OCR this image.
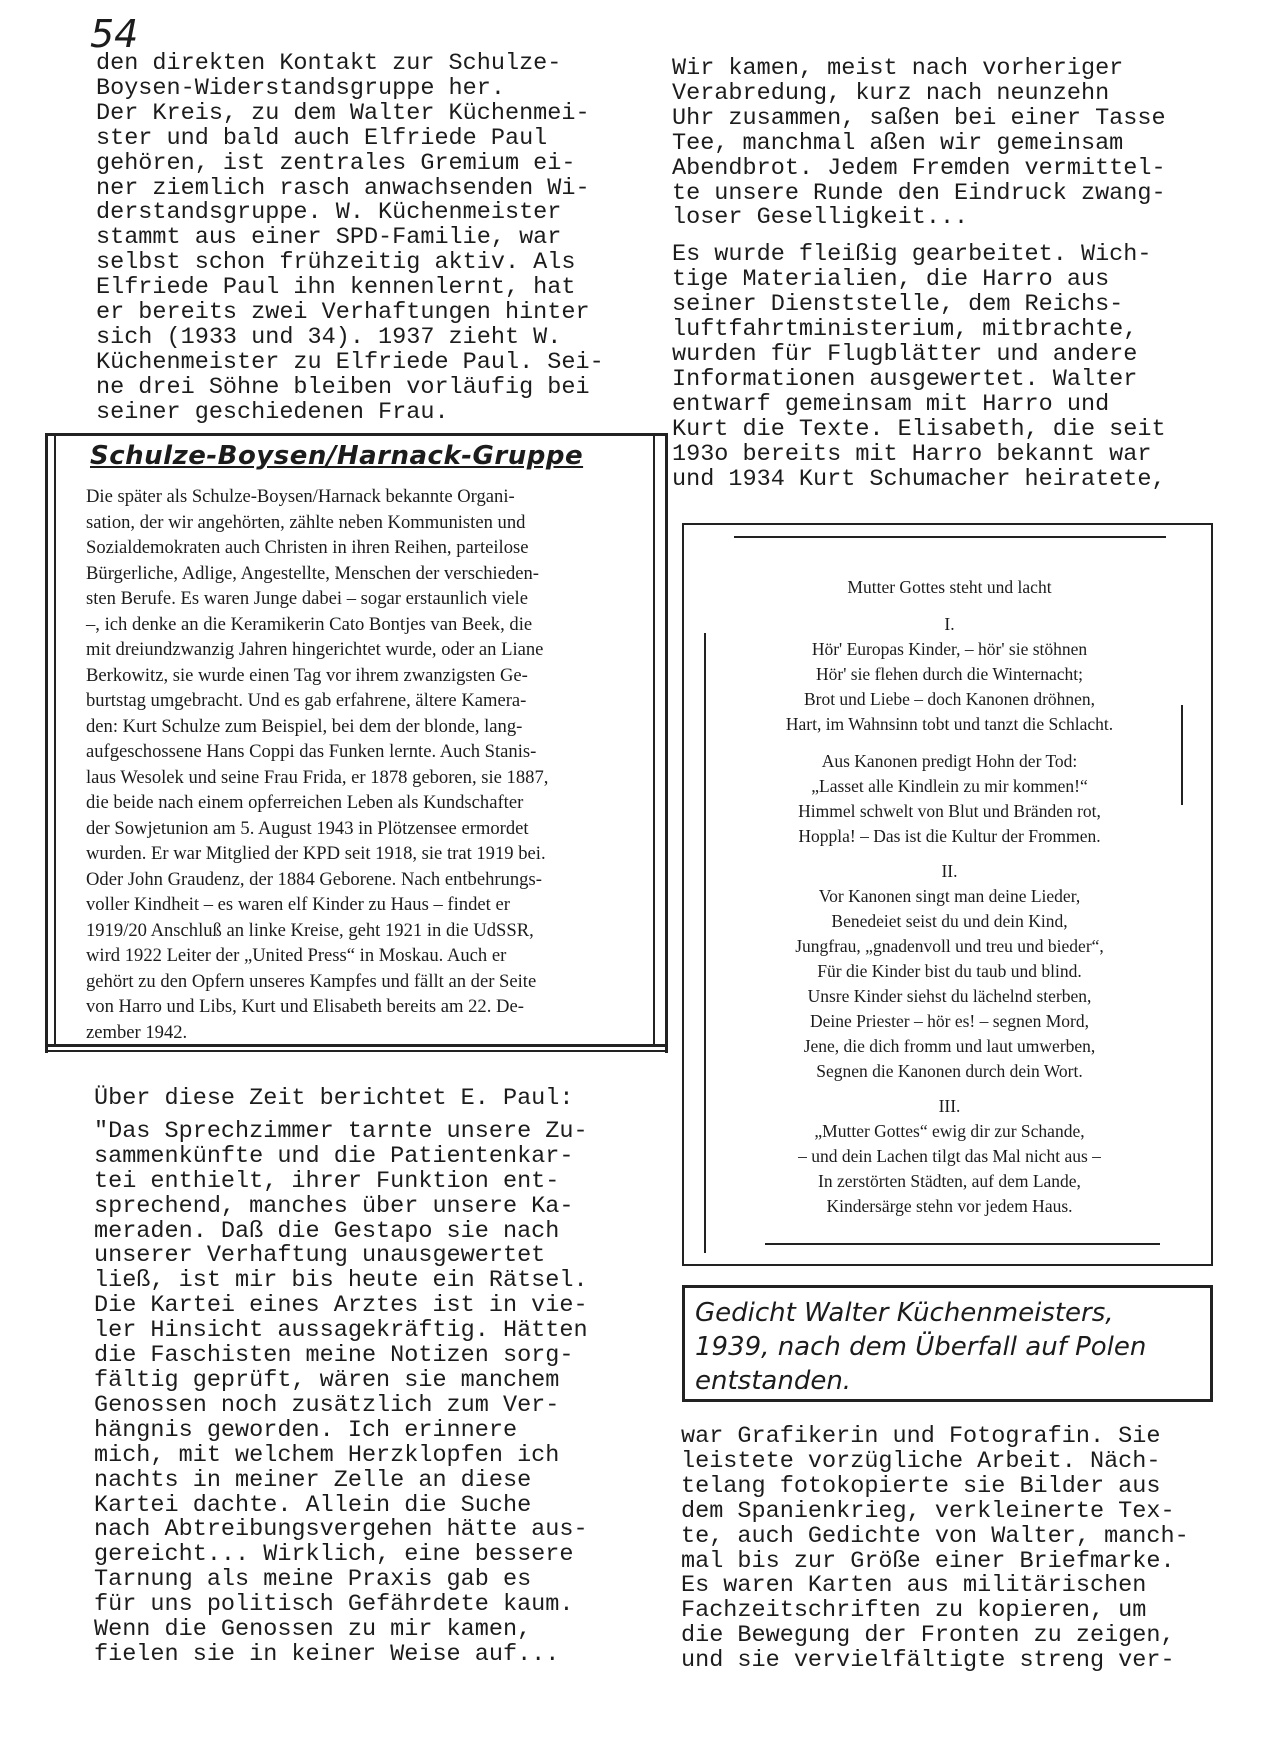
54

den direkten Kontakt zur Schulze-
Boysen-Widerstandsgruppe her.
Der Kreis, zu dem Walter Küchenmei-
ster und bald auch Elfriede Paul
gehören, ist zentrales Gremium ei-
ner ziemlich rasch anwachsenden Wi-
derstandsgruppe. W. Küchenmeister
stammt aus einer SPD-Familie, war
selbst schon frühzeitig aktiv. Als
Elfriede Paul ihn kennenlernt, hat
er bereits zwei Verhaftungen hinter
sich (1933 und 34). 1937 zieht W.
Küchenmeister zu Elfriede Paul. Sei-
ne drei Söhne bleiben vorläufig bei
seiner geschiedenen Frau.

Schulze-Boysen/Harnack-Gruppe

Die später als Schulze-Boysen/Harnack bekannte Organi-
sation, der wir angehörten, zählte neben Kommunisten und
Sozialdemokraten auch Christen in ihren Reihen, parteilose
Bürgerliche, Adlige, Angestellte, Menschen der verschieden-
sten Berufe. Es waren Junge dabei – sogar erstaunlich viele
–, ich denke an die Keramikerin Cato Bontjes van Beek, die
mit dreiundzwanzig Jahren hingerichtet wurde, oder an Liane
Berkowitz, sie wurde einen Tag vor ihrem zwanzigsten Ge-
burtstag umgebracht. Und es gab erfahrene, ältere Kamera-
den: Kurt Schulze zum Beispiel, bei dem der blonde, lang-
aufgeschossene Hans Coppi das Funken lernte. Auch Stanis-
laus Wesolek und seine Frau Frida, er 1878 geboren, sie 1887,
die beide nach einem opferreichen Leben als Kundschafter
der Sowjetunion am 5. August 1943 in Plötzensee ermordet
wurden. Er war Mitglied der KPD seit 1918, sie trat 1919 bei.
Oder John Graudenz, der 1884 Geborene. Nach entbehrungs-
voller Kindheit – es waren elf Kinder zu Haus – findet er
1919/20 Anschluß an linke Kreise, geht 1921 in die UdSSR,
wird 1922 Leiter der „United Press“ in Moskau. Auch er
gehört zu den Opfern unseres Kampfes und fällt an der Seite
von Harro und Libs, Kurt und Elisabeth bereits am 22. De-
zember 1942.

Über diese Zeit berichtet E. Paul:

"Das Sprechzimmer tarnte unsere Zu-
sammenkünfte und die Patientenkar-
tei enthielt, ihrer Funktion ent-
sprechend, manches über unsere Ka-
meraden. Daß die Gestapo sie nach
unserer Verhaftung unausgewertet
ließ, ist mir bis heute ein Rätsel.
Die Kartei eines Arztes ist in vie-
ler Hinsicht aussagekräftig. Hätten
die Faschisten meine Notizen sorg-
fältig geprüft, wären sie manchem
Genossen noch zusätzlich zum Ver-
hängnis geworden. Ich erinnere
mich, mit welchem Herzklopfen ich
nachts in meiner Zelle an diese
Kartei dachte. Allein die Suche
nach Abtreibungsvergehen hätte aus-
gereicht... Wirklich, eine bessere
Tarnung als meine Praxis gab es
für uns politisch Gefährdete kaum.
Wenn die Genossen zu mir kamen,
fielen sie in keiner Weise auf...

Wir kamen, meist nach vorheriger
Verabredung, kurz nach neunzehn
Uhr zusammen, saßen bei einer Tasse
Tee, manchmal aßen wir gemeinsam
Abendbrot. Jedem Fremden vermittel-
te unsere Runde den Eindruck zwang-
loser Geselligkeit...

Es wurde fleißig gearbeitet. Wich-
tige Materialien, die Harro aus
seiner Dienststelle, dem Reichs-
luftfahrtministerium, mitbrachte,
wurden für Flugblätter und andere
Informationen ausgewertet. Walter
entwarf gemeinsam mit Harro und
Kurt die Texte. Elisabeth, die seit
193o bereits mit Harro bekannt war
und 1934 Kurt Schumacher heiratete,

Mutter Gottes steht und lacht
I.
Hör' Europas Kinder, – hör' sie stöhnen
Hör' sie flehen durch die Winternacht;
Brot und Liebe – doch Kanonen dröhnen,
Hart, im Wahnsinn tobt und tanzt die Schlacht.
Aus Kanonen predigt Hohn der Tod:
„Lasset alle Kindlein zu mir kommen!“
Himmel schwelt von Blut und Bränden rot,
Hoppla! – Das ist die Kultur der Frommen.
II.
Vor Kanonen singt man deine Lieder,
Benedeiet seist du und dein Kind,
Jungfrau, „gnadenvoll und treu und bieder“,
Für die Kinder bist du taub und blind.
Unsre Kinder siehst du lächelnd sterben,
Deine Priester – hör es! – segnen Mord,
Jene, die dich fromm und laut umwerben,
Segnen die Kanonen durch dein Wort.
III.
„Mutter Gottes“ ewig dir zur Schande,
– und dein Lachen tilgt das Mal nicht aus –
In zerstörten Städten, auf dem Lande,
Kindersärge stehn vor jedem Haus.
Gedicht Walter Küchenmeisters,
1939, nach dem Überfall auf Polen
entstanden.

war Grafikerin und Fotografin. Sie
leistete vorzügliche Arbeit. Näch-
telang fotokopierte sie Bilder aus
dem Spanienkrieg, verkleinerte Tex-
te, auch Gedichte von Walter, manch-
mal bis zur Größe einer Briefmarke.
Es waren Karten aus militärischen
Fachzeitschriften zu kopieren, um
die Bewegung der Fronten zu zeigen,
und sie vervielfältigte streng ver-
